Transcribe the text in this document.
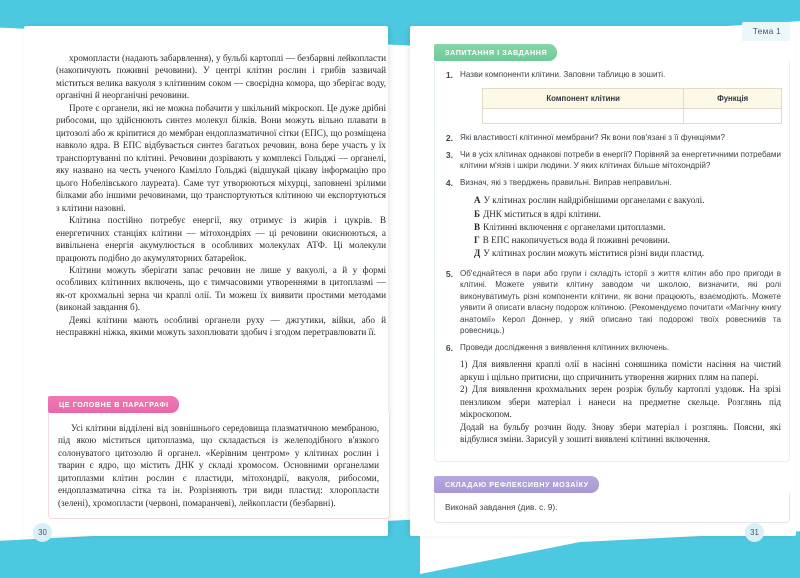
Тема 1

хромопласти (надають забарвлення), у бульбі картоплі — безбарвні лейкопласти (накопичують поживні речовини). У центрі клітин рослин і грибів зазвичай міститься велика вакуоля з клітинним соком — своєрідна комора, що зберігає воду, органічні й неорганічні речовини.

Проте є органели, які не можна побачити у шкільний мікроскоп. Це дуже дрібні рибосоми, що здійснюють синтез молекул білків. Вони можуть вільно плавати в цитозолі або ж кріпитися до мембран ендоплазматичної сітки (ЕПС), що розміщена навколо ядра. В ЕПС відбувається синтез багатьох речовин, вона бере участь у їх транспортуванні по клітині. Речовини дозрівають у комплексі Гольджі — органелі, яку названо на честь ученого Камілло Гольджі (відшукай цікаву інформацію про цього Нобелівського лауреата). Саме тут утворюються міхурці, заповнені зрілими білками або іншими речовинами, що транспортуються клітиною чи експортуються з клітини назовні.

Клітина постійно потребує енергії, яку отримує із жирів і цукрів. В енергетичних станціях клітини — мітохондріях — ці речовини окиснюються, а вивільнена енергія акумулюється в особливих молекулах АТФ. Ці молекули працюють подібно до акумуляторних батарейок.

Клітини можуть зберігати запас речовин не лише у вакуолі, а й у формі особливих клітинних включень, що є тимчасовими утвореннями в цитоплазмі — як-от крохмальні зерна чи краплі олії. Ти можеш їх виявити простими методами (виконай завдання б).

Деякі клітини мають особливі органели руху — джгутики, війки, або й несправжні ніжка, якими можуть захоплювати здобич і згодом перетравлювати її.

ЦЕ ГОЛОВНЕ В ПАРАГРАФІ

Усі клітини відділені від зовнішнього середовища плазматичною мембраною, під якою міститься цитоплазма, що складається із желеподібного в'язкого солонуватого цитозолю й органел. «Керівним центром» у клітинах рослин і тварин є ядро, що містить ДНК у складі хромосом. Основними органелами цитоплазми клітин рослин є пластиди, мітохондрії, вакуоля, рибосоми, ендоплазматична сітка та ін. Розрізняють три види пластид: хлоропласти (зелені), хромопласти (червоні, помаранчеві), лейкопласти (безбарвні).

30
ЗАПИТАННЯ І ЗАВДАННЯ
1. Назви компоненти клітини. Заповни таблицю в зошиті.
Компонент клітини	Функція

2. Які властивості клітинної мембрани? Як вони пов'язані з її функціями?
3. Чи в усіх клітинах однакові потреби в енергії? Порівняй за енергетичними потребами клітини м'язів і шкіри людини. У яких клітинах більше мітохондрій?
4. Визнач, які з тверджень правильні. Виправ неправильні.
А У клітинах рослин найдрібнішими органелами є вакуолі.
Б ДНК міститься в ядрі клітини.
В Клітинні включення є органелами цитоплазми.
Г В ЕПС накопичується вода й поживні речовини.
Д У клітинах рослин можуть міститися різні види пластид.
5. Об'єднайтеся в пари або групи і складіть історії з життя клітин або про пригоди в клітині. Можете уявити клітину заводом чи школою, визначити, які ролі виконуватимуть різні компоненти клітини, як вони працюють, взаємодіють. Можете уявити й описати власну подорож клітиною. (Рекомендуємо почитати «Магічну книгу анатомії» Керол Доннер, у якій описано такі подорожі твоїх ровесників та ровесниць.)
6. Проведи дослідження з виявлення клітинних включень.

1) Для виявлення краплі олії в насінні соняшника помісти насіння на чистий аркуш і щільно притисни, що спричинить утворення жирних плям на папері.

2) Для виявлення крохмальних зерен розріж бульбу картоплі уздовж. На зрізі пензликом збери матеріал і нанеси на предметне скельце. Розглянь під мікроскопом.

Додай на бульбу розчин йоду. Знову збери матеріал і розглянь. Поясни, які відбулися зміни. Зарисуй у зошиті виявлені клітинні включення.

СКЛАДАЮ РЕФЛЕКСИВНУ МОЗАЇКУ
Виконай завдання (див. с. 9).
31
